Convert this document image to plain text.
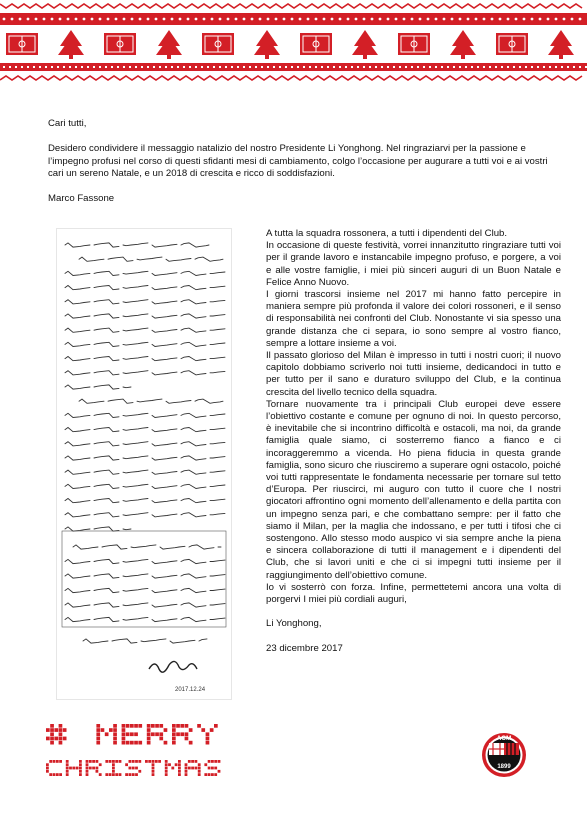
Cari tutti,

Desidero condividere il messaggio natalizio del nostro Presidente Li Yonghong. Nel ringraziarvi per la passione e l’impegno profusi nel corso di questi sfidanti mesi di cambiamento, colgo l’occasione per augurare a tutti voi e ai vostri cari un sereno Natale, e un 2018 di crescita e ricco di soddisfazioni.

Marco Fassone

2017.12.24

A tutta la squadra rossonera, a tutti i dipendenti del Club.

In occasione di queste festività, vorrei innanzitutto ringraziare tutti voi per il grande lavoro e instancabile impegno profuso, e porgere, a voi e alle vostre famiglie, i miei più sinceri auguri di un Buon Natale e Felice Anno Nuovo.

I giorni trascorsi insieme nel 2017 mi hanno fatto percepire in maniera sempre più profonda il valore dei colori rossoneri, e il senso di responsabilità nei confronti del Club. Nonostante vi sia spesso una grande distanza che ci separa, io sono sempre al vostro fianco, sempre a lottare insieme a voi.

Il passato glorioso del Milan è impresso in tutti i nostri cuori; il nuovo capitolo dobbiamo scriverlo noi tutti insieme, dedicandoci in tutto e per tutto per il sano e duraturo sviluppo del Club, e la continua crescita del livello tecnico della squadra.

Tornare nuovamente tra i principali Club europei deve essere l’obiettivo costante e comune per ognuno di noi. In questo percorso, è inevitabile che si incontrino difficoltà e ostacoli, ma noi, da grande famiglia quale siamo, ci sosterremo fianco a fianco e ci incoraggeremmo a vicenda. Ho piena fiducia in questa grande famiglia, sono sicuro che riusciremo a superare ogni ostacolo, poiché voi tutti rappresentate le fondamenta necessarie per tornare sul tetto d’Europa. Per riuscirci, mi auguro con tutto il cuore che I nostri giocatori affrontino ogni momento dell’allenamento e della partita con un impegno senza pari, e che combattano sempre: per il fatto che siamo il Milan, per la maglia che indossano, e per tutti i tifosi che ci sostengono. Allo stesso modo auspico vi sia sempre anche la piena e sincera collaborazione di tutti il management e i dipendenti del Club, che si lavori uniti e che ci si impegni tutti insieme per il raggiungimento dell’obiettivo comune.

Io vi sosterrò con forza. Infine, permettetemi ancora una volta di porgervi I miei più cordiali auguri,

Li Yonghong,

23 dicembre 2017

ACM
1899
